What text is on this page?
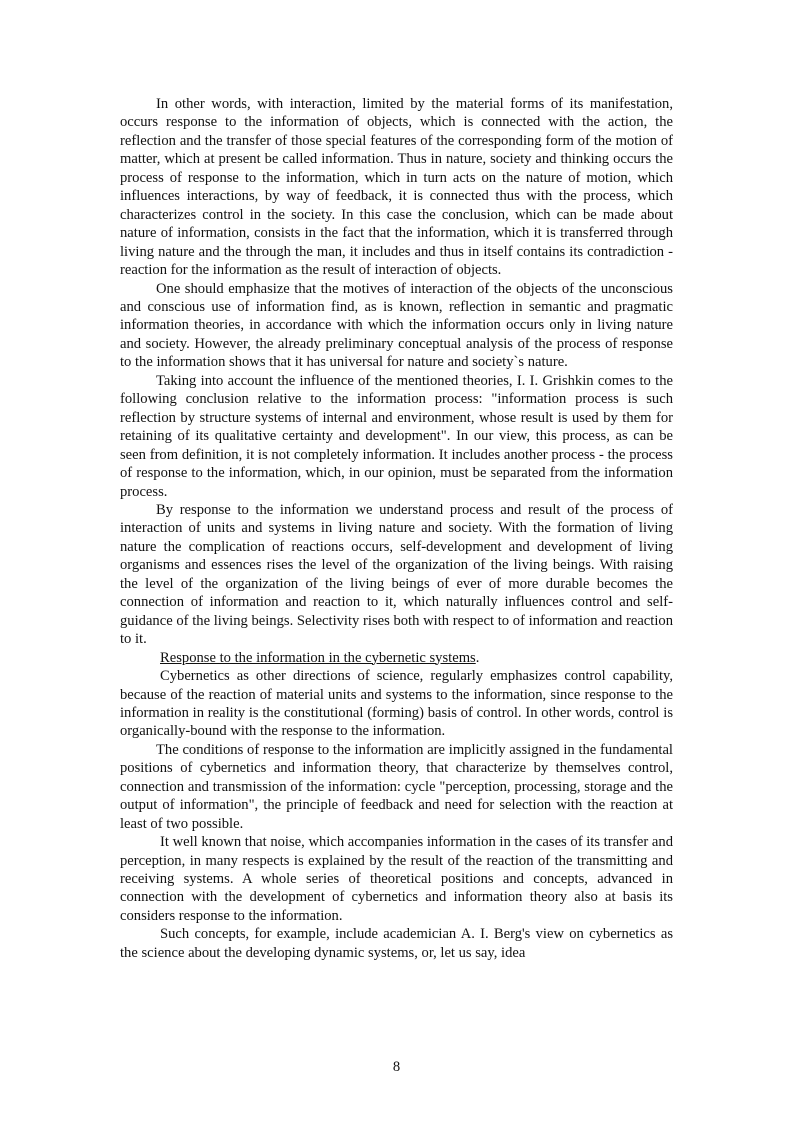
In other words, with interaction, limited by the material forms of its manifestation, occurs response to the information of objects, which is connected with the action, the reflection and the transfer of those special features of the corresponding form of the motion of matter, which at present be called information. Thus in nature, society and thinking occurs the process of response to the information, which in turn acts on the nature of motion, which influences interactions, by way of feedback, it is connected thus with the process, which characterizes control in the society. In this case the conclusion, which can be made about nature of information, consists in the fact that the information, which it is transferred through living nature and the through the man, it includes and thus in itself contains its contradiction - reaction for the information as the result of interaction of objects.

One should emphasize that the motives of interaction of the objects of the unconscious and conscious use of information find, as is known, reflection in semantic and pragmatic information theories, in accordance with which the information occurs only in living nature and society. However, the already preliminary conceptual analysis of the process of response to the information shows that it has universal for nature and society`s nature.

Taking into account the influence of the mentioned theories, I. I. Grishkin comes to the following conclusion relative to the information process: "information process is such reflection by structure systems of internal and environment, whose result is used by them for retaining of its qualitative certainty and development". In our view, this process, as can be seen from definition, it is not completely information. It includes another process - the process of response to the information, which, in our opinion, must be separated from the information process.

By response to the information we understand process and result of the process of interaction of units and systems in living nature and society. With the formation of living nature the complication of reactions occurs, self-development and development of living organisms and essences rises the level of the organization of the living beings. With raising the level of the organization of the living beings of ever of more durable becomes the connection of information and reaction to it, which naturally influences control and self-guidance of the living beings. Selectivity rises both with respect to of information and reaction to it.

Response to the information in the cybernetic systems.

Cybernetics as other directions of science, regularly emphasizes control capability, because of the reaction of material units and systems to the information, since response to the information in reality is the constitutional (forming) basis of control. In other words, control is organically-bound with the response to the information.

The conditions of response to the information are implicitly assigned in the fundamental positions of cybernetics and information theory, that characterize by themselves control, connection and transmission of the information: cycle "perception, processing, storage and the output of information", the principle of feedback and need for selection with the reaction at least of two possible.

It well known that noise, which accompanies information in the cases of its transfer and perception, in many respects is explained by the result of the reaction of the transmitting and receiving systems. A whole series of theoretical positions and concepts, advanced in connection with the development of cybernetics and information theory also at basis its considers response to the information.

Such concepts, for example, include academician A. I. Berg's view on cybernetics as the science about the developing dynamic systems, or, let us say, idea

8
